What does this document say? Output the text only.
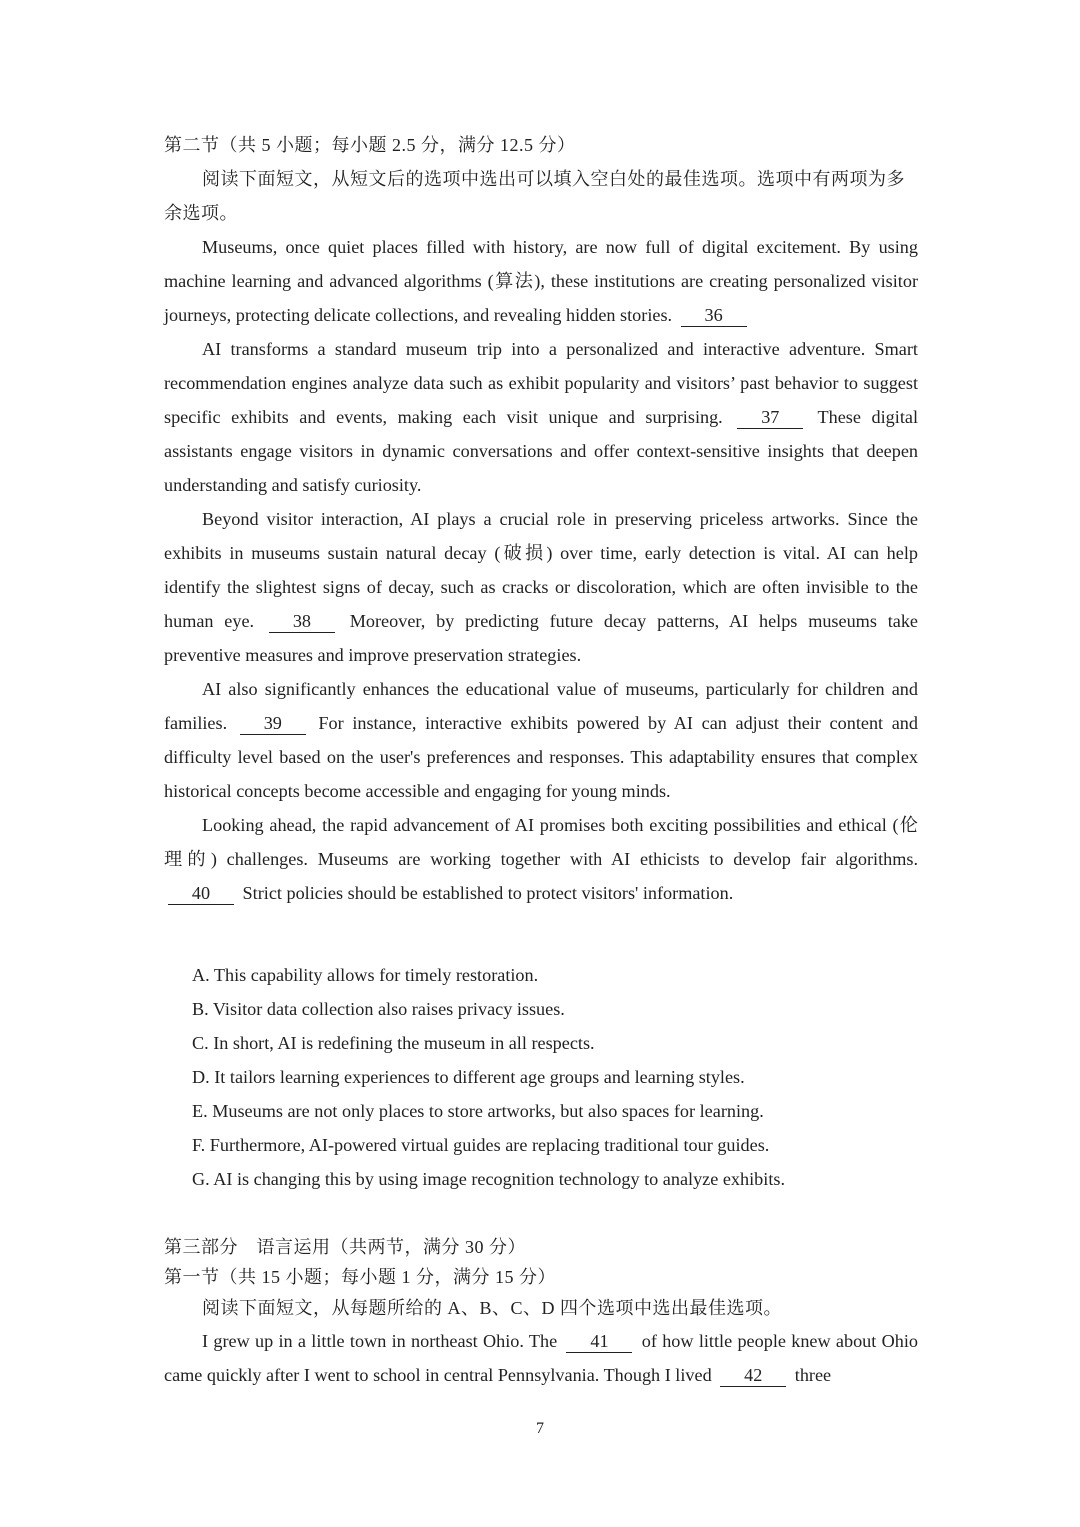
第二节（共 5 小题；每小题 2.5 分，满分 12.5 分）

阅读下面短文，从短文后的选项中选出可以填入空白处的最佳选项。选项中有两项为多余选项。

Museums, once quiet places filled with history, are now full of digital excitement. By using machine learning and advanced algorithms (算法), these institutions are creating personalized visitor journeys, protecting delicate collections, and revealing hidden stories. 36

AI transforms a standard museum trip into a personalized and interactive adventure. Smart recommendation engines analyze data such as exhibit popularity and visitors’ past behavior to suggest specific exhibits and events, making each visit unique and surprising. 37 These digital assistants engage visitors in dynamic conversations and offer context-sensitive insights that deepen understanding and satisfy curiosity.

Beyond visitor interaction, AI plays a crucial role in preserving priceless artworks. Since the exhibits in museums sustain natural decay (破损) over time, early detection is vital. AI can help identify the slightest signs of decay, such as cracks or discoloration, which are often invisible to the human eye. 38 Moreover, by predicting future decay patterns, AI helps museums take preventive measures and improve preservation strategies.

AI also significantly enhances the educational value of museums, particularly for children and families. 39 For instance, interactive exhibits powered by AI can adjust their content and difficulty level based on the user's preferences and responses. This adaptability ensures that complex historical concepts become accessible and engaging for young minds.

Looking ahead, the rapid advancement of AI promises both exciting possibilities and ethical (伦理的) challenges. Museums are working together with AI ethicists to develop fair algorithms. 40 Strict policies should be established to protect visitors' information.

A. This capability allows for timely restoration.

B. Visitor data collection also raises privacy issues.

C. In short, AI is redefining the museum in all respects.

D. It tailors learning experiences to different age groups and learning styles.

E. Museums are not only places to store artworks, but also spaces for learning.

F. Furthermore, AI-powered virtual guides are replacing traditional tour guides.

G. AI is changing this by using image recognition technology to analyze exhibits.

第三部分　语言运用（共两节，满分 30 分）

第一节（共 15 小题；每小题 1 分，满分 15 分）

阅读下面短文，从每题所给的 A、B、C、D 四个选项中选出最佳选项。

I grew up in a little town in northeast Ohio. The 41 of how little people knew about Ohio came quickly after I went to school in central Pennsylvania. Though I lived 42 three

7
